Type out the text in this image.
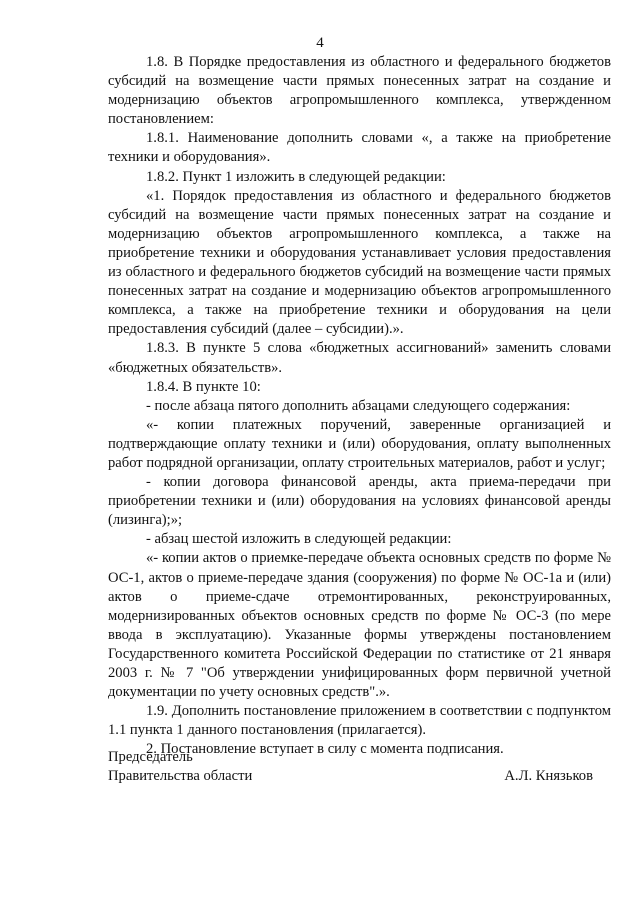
4

1.8. В Порядке предоставления из областного и федерального бюджетов субсидий на возмещение части прямых понесенных затрат на создание и модернизацию объектов агропромышленного комплекса, утвержденном постановлением:

1.8.1. Наименование дополнить словами «, а также на приобретение техники и оборудования».

1.8.2. Пункт 1 изложить в следующей редакции:

«1. Порядок предоставления из областного и федерального бюджетов субсидий на возмещение части прямых понесенных затрат на создание и модернизацию объектов агропромышленного комплекса, а также на приобретение техники и оборудования устанавливает условия предоставления из областного и федерального бюджетов субсидий на возмещение части прямых понесенных затрат на создание и модернизацию объектов агропромышленного комплекса, а также на приобретение техники и оборудования на цели предоставления субсидий (далее – субсидии).».

1.8.3. В пункте 5 слова «бюджетных ассигнований» заменить словами «бюджетных обязательств».

1.8.4. В пункте 10:

- после абзаца пятого дополнить абзацами следующего содержания:

«- копии платежных поручений, заверенные организацией и подтверждающие оплату техники и (или) оборудования, оплату выполненных работ подрядной организации, оплату строительных материалов, работ и услуг;

- копии договора финансовой аренды, акта приема-передачи при приобретении техники и (или) оборудования на условиях финансовой аренды (лизинга);»;

- абзац шестой изложить в следующей редакции:

«- копии актов о приемке-передаче объекта основных средств по форме № ОС-1, актов о приеме-передаче здания (сооружения) по форме № ОС-1а и (или) актов о приеме-сдаче отремонтированных, реконструированных, модернизированных объектов основных средств по форме № ОС-3 (по мере ввода в эксплуатацию). Указанные формы утверждены постановлением Государственного комитета Российской Федерации по статистике от 21 января 2003 г. № 7 "Об утверждении унифицированных форм первичной учетной документации по учету основных средств".».

1.9. Дополнить постановление приложением в соответствии с подпунктом 1.1 пункта 1 данного постановления (прилагается).

2. Постановление вступает в силу с момента подписания.

Председатель
Правительства области	А.Л. Князьков
